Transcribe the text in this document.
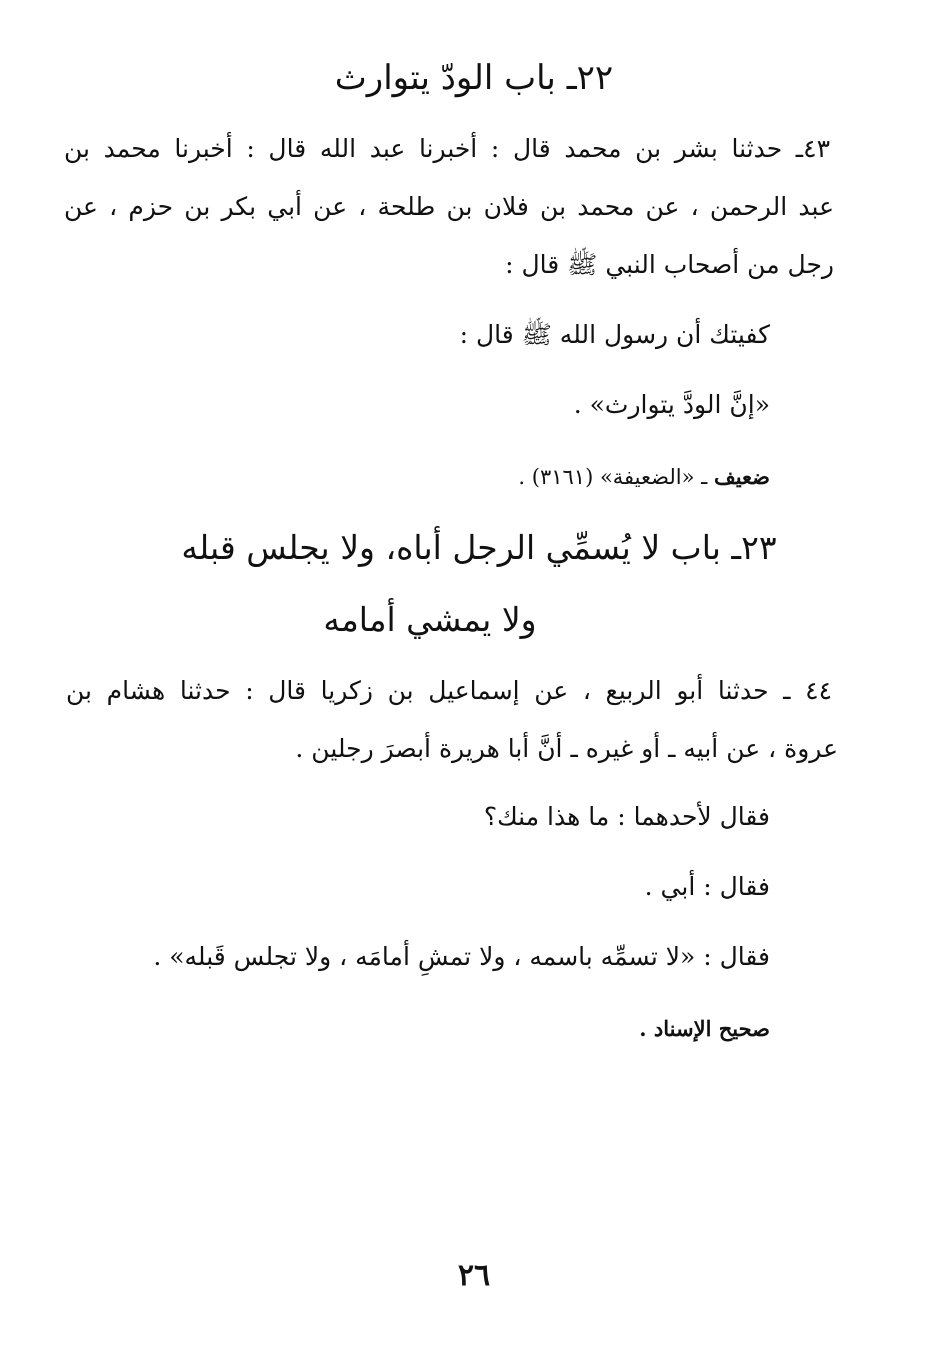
٢٢ـ باب الودّ يتوارث
٤٣ـ حدثنا بشر بن محمد قال : أخبرنا عبد الله قال : أخبرنا محمد بن
عبد الرحمن ، عن محمد بن فلان بن طلحة ، عن أبي بكر بن حزم ، عن
رجل من أصحاب النبي ﷺ قال :
كفيتك أن رسول الله ﷺ قال :
«إنَّ الودَّ يتوارث» .
ضعيف ـ «الضعيفة» (٣١٦١) .
٢٣ـ باب لا يُسمِّي الرجل أباه، ولا يجلس قبله
ولا يمشي أمامه
٤٤ ـ حدثنا أبو الربيع ، عن إسماعيل بن زكريا قال : حدثنا هشام بن
عروة ، عن أبيه ـ أو غيره ـ أنَّ أبا هريرة أبصرَ رجلين .
فقال لأحدهما : ما هذا منك؟
فقال : أبي .
فقال : «لا تسمِّه باسمه ، ولا تمشِ أمامَه ، ولا تجلس قَبله» .
صحيح الإسناد .
٢٦
